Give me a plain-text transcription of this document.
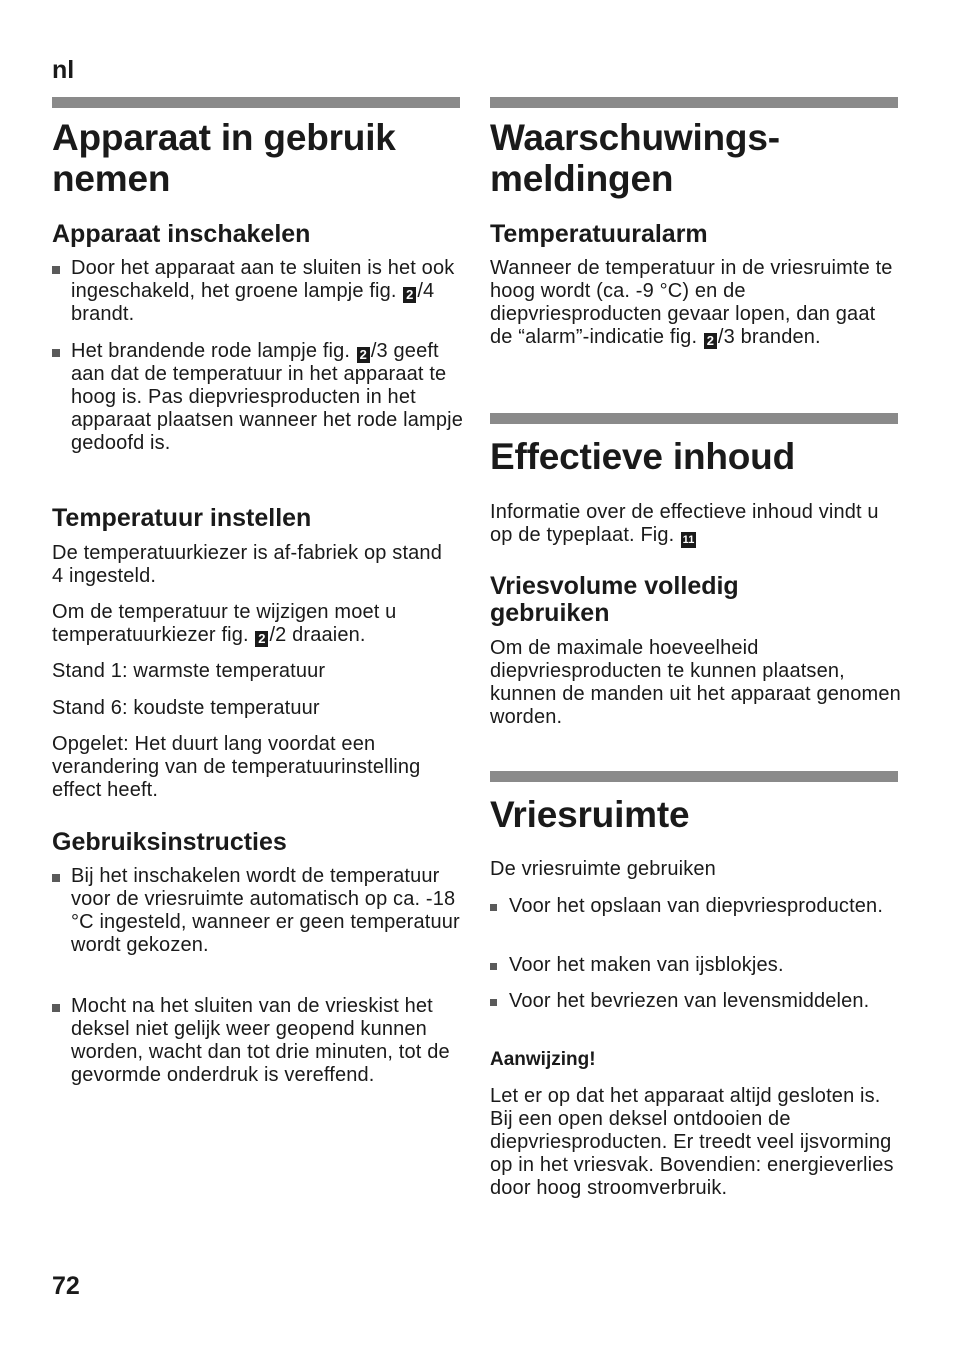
nl
72
Apparaat in gebruik nemen
Apparaat inschakelen
Door het apparaat aan te sluiten is het ook ingeschakeld, het groene lampje fig. 2 /4 brandt.
Het brandende rode lampje fig. 2 /3 geeft aan dat de temperatuur in het apparaat te hoog is. Pas diepvriesproducten in het apparaat plaatsen wanneer het rode lampje gedoofd is.
Temperatuur instellen
De temperatuurkiezer is af-fabriek op stand 4 ingesteld.
Om de temperatuur te wijzigen moet u temperatuurkiezer fig. 2 /2 draaien.
Stand 1: warmste temperatuur
Stand 6: koudste temperatuur
Opgelet: Het duurt lang voordat een verandering van de temperatuurinstelling effect heeft.
Gebruiksinstructies
Bij het inschakelen wordt de temperatuur voor de vriesruimte automatisch op ca. -18 °C ingesteld, wanneer er geen temperatuur wordt gekozen.
Mocht na het sluiten van de vrieskist het deksel niet gelijk weer geopend kunnen worden, wacht dan tot drie minuten, tot de gevormde onderdruk is vereffend.
Waarschuwings-
meldingen
Temperatuuralarm
Wanneer de temperatuur in de vriesruimte te hoog wordt (ca. -9 °C) en de diepvriesproducten gevaar lopen, dan gaat de “alarm”-indicatie fig. 2 /3 branden.
Effectieve inhoud
Informatie over de effectieve inhoud vindt u op de typeplaat. Fig. 11
Vriesvolume volledig
gebruiken
Om de maximale hoeveelheid diepvriesproducten te kunnen plaatsen, kunnen de manden uit het apparaat genomen worden.
Vriesruimte
De vriesruimte gebruiken
Voor het opslaan van diepvriesproducten.
Voor het maken van ijsblokjes.
Voor het bevriezen van levensmiddelen.
Aanwijzing!
Let er op dat het apparaat altijd gesloten is. Bij een open deksel ontdooien de diepvriesproducten. Er treedt veel ijsvorming op in het vriesvak. Bovendien: energieverlies door hoog stroomverbruik.
